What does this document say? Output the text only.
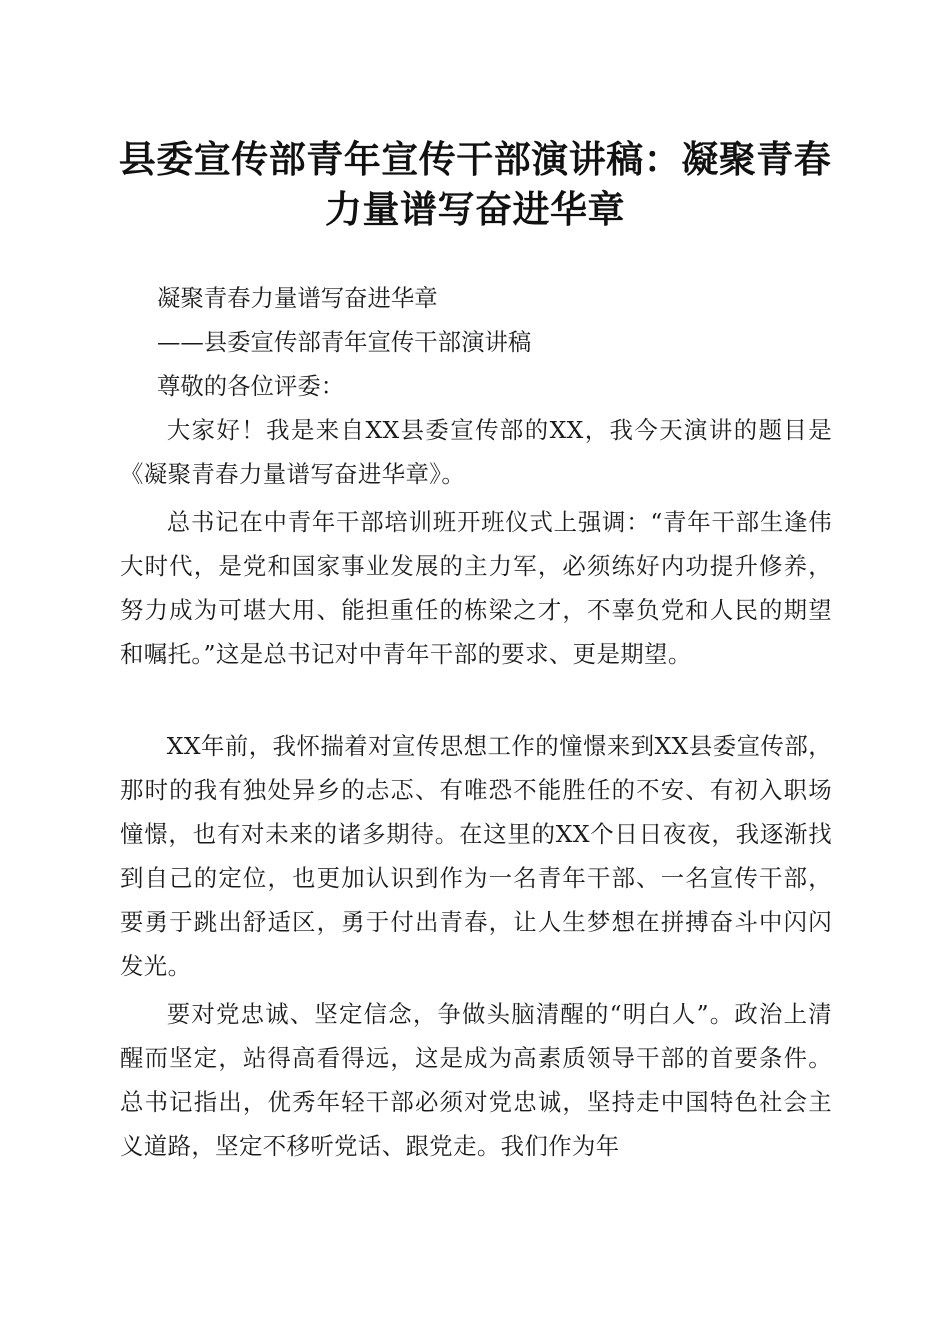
县委宣传部青年宣传干部演讲稿：凝聚青春力量谱写奋进华章
凝聚青春力量谱写奋进华章
——县委宣传部青年宣传干部演讲稿
尊敬的各位评委：

大家好！我是来自XX县委宣传部的XX，我今天演讲的题目是《凝聚青春力量谱写奋进华章》。

总书记在中青年干部培训班开班仪式上强调：“青年干部生逢伟大时代，是党和国家事业发展的主力军，必须练好内功提升修养，努力成为可堪大用、能担重任的栋梁之才，不辜负党和人民的期望和嘱托。”这是总书记对中青年干部的要求、更是期望。

XX年前，我怀揣着对宣传思想工作的憧憬来到XX县委宣传部，那时的我有独处异乡的忐忑、有唯恐不能胜任的不安、有初入职场憧憬，也有对未来的诸多期待。在这里的XX个日日夜夜，我逐渐找到自己的定位，也更加认识到作为一名青年干部、一名宣传干部，要勇于跳出舒适区，勇于付出青春，让人生梦想在拼搏奋斗中闪闪发光。

要对党忠诚、坚定信念，争做头脑清醒的“明白人”。政治上清醒而坚定，站得高看得远，这是成为高素质领导干部的首要条件。总书记指出，优秀年轻干部必须对党忠诚，坚持走中国特色社会主义道路，坚定不移听党话、跟党走。我们作为年
